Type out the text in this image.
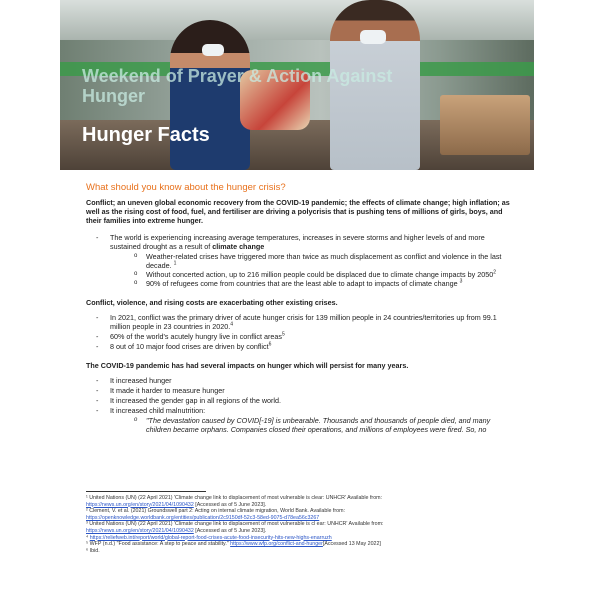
Weekend of Prayer & Action Against Hunger
Hunger Facts
What should you know about the hunger crisis?
Conflict; an uneven global economic recovery from the COVID-19 pandemic; the effects of climate change; high inflation; as well as the rising cost of food, fuel, and fertiliser are driving a polycrisis that is pushing tens of millions of girls, boys, and their families into extreme hunger.
- The world is experiencing increasing average temperatures, increases in severe storms and higher levels of and more sustained drought as a result of climate change
o Weather-related crises have triggered more than twice as much displacement as conflict and violence in the last decade. $^1$
o Without concerted action, up to 216 million people could be displaced due to climate change impacts by 2050$^2$
o 90% of refugees come from countries that are the least able to adapt to impacts of climate change $^3$
Conflict, violence, and rising costs are exacerbating other existing crises.
- In 2021, conflict was the primary driver of acute hunger crisis for 139 million people in 24 countries/territories up from 99.1 million people in 23 countries in 2020.$^4$
- 60% of the world's acutely hungry live in conflict areas$^5$
- 8 out of 10 major food crises are driven by conflict$^6$
The COVID-19 pandemic has had several impacts on hunger which will persist for many years.
- It increased hunger
- It made it harder to measure hunger
- It increased the gender gap in all regions of the world.
- It increased child malnutrition:
o "The devastation caused by COVID[-19] is unbearable. Thousands and thousands of people died, and many children became orphans. Companies closed their operations, and millions of employees were fired. So, no
¹ United Nations (UN) (22 April 2021) 'Climate change link to displacement of most vulnerable is clear: UNHCR' Available from:
https://news.un.org/en/story/2021/04/1090432 [Accessed as of 5 June 2023].
² Clement, V. et al. (2021) Groundswell part 2: Acting on internal climate migration, World Bank. Available from:
https://openknowledge.worldbank.org/entities/publication/2c9150df-52c3-58ed-9075-d78ea56c3267
³ United Nations (UN) (22 April 2021) 'Climate change link to displacement of most vulnerable is cl ear: UNHCR' Available from:
https://news.un.org/en/story/2021/04/1090432 [Accessed as of 5 June 2023].
⁴ https://reliefweb.int/report/world/global-report-food-crises-acute-food-insecurity-hits-new-highs-enarruzh
⁵ WFP (n.d.) "Food assistance: A step to peace and stability." https://www.wfp.org/conflict-and-hunger[Accessed 13 May 2022]
⁶ Ibid.
